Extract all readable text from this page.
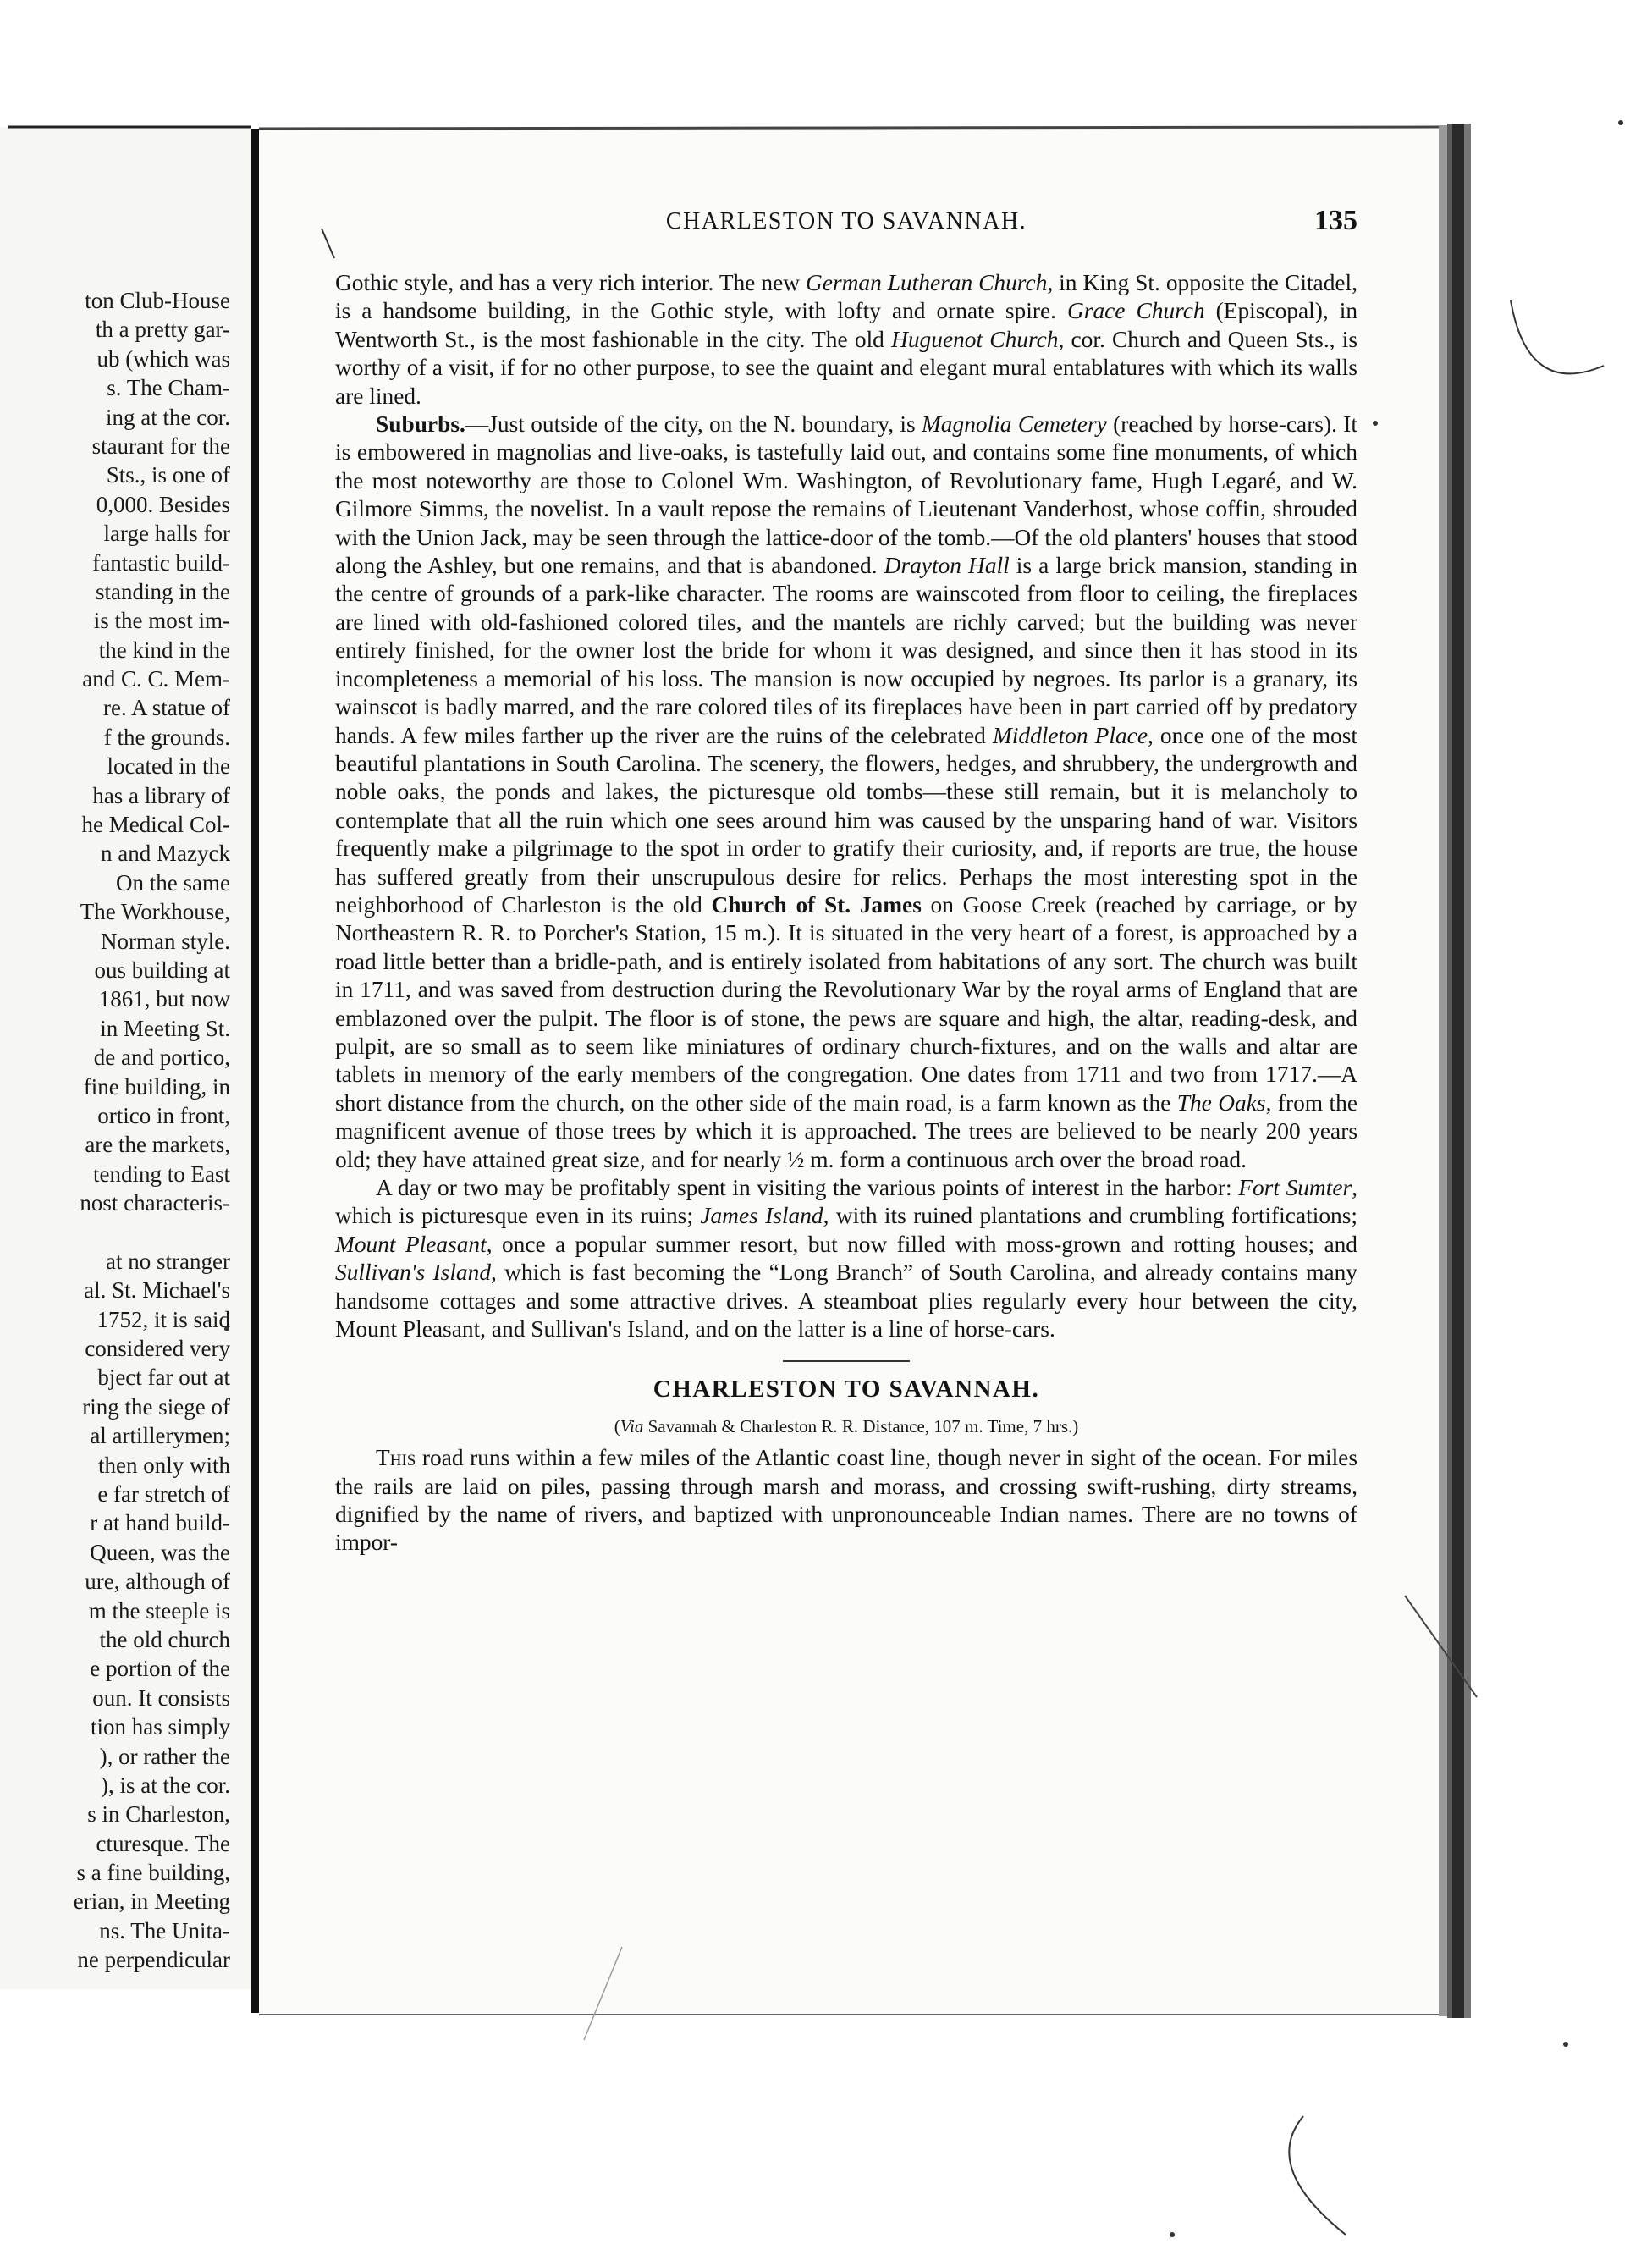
ton Club-House
th a pretty gar-
ub (which was
s. The Cham-
ing at the cor.
staurant for the
Sts., is one of
0,000. Besides
large halls for
fantastic build-
standing in the
is the most im-
the kind in the
and C. C. Mem-
re. A statue of
f the grounds.
located in the
has a library of
he Medical Col-
n and Mazyck
On the same
The Workhouse,
Norman style.
ous building at
1861, but now
in Meeting St.
de and portico,
fine building, in
ortico in front,
are the markets,
tending to East
nost characteris-
at no stranger
al. St. Michael's
1752, it is said
considered very
bject far out at
ring the siege of
al artillerymen;
then only with
e far stretch of
r at hand build-
Queen, was the
ure, although of
m the steeple is
the old church
e portion of the
oun. It consists
tion has simply
), or rather the
), is at the cor.
s in Charleston,
cturesque. The
s a fine building,
erian, in Meeting
ns. The Unita-
ne perpendicular
CHARLESTON TO SAVANNAH.	135

Gothic style, and has a very rich interior. The new German Lutheran Church, in King St. opposite the Citadel, is a handsome building, in the Gothic style, with lofty and ornate spire. Grace Church (Episcopal), in Wentworth St., is the most fashionable in the city. The old Huguenot Church, cor. Church and Queen Sts., is worthy of a visit, if for no other purpose, to see the quaint and elegant mural entablatures with which its walls are lined.

Suburbs.—Just outside of the city, on the N. boundary, is Magnolia Cemetery (reached by horse-cars). It is embowered in magnolias and live-oaks, is tastefully laid out, and contains some fine monuments, of which the most noteworthy are those to Colonel Wm. Washington, of Revolutionary fame, Hugh Legaré, and W. Gilmore Simms, the novelist. In a vault repose the remains of Lieutenant Vanderhost, whose coffin, shrouded with the Union Jack, may be seen through the lattice-door of the tomb.—Of the old planters' houses that stood along the Ashley, but one remains, and that is abandoned. Drayton Hall is a large brick mansion, standing in the centre of grounds of a park-like character. The rooms are wainscoted from floor to ceiling, the fireplaces are lined with old-fashioned colored tiles, and the mantels are richly carved; but the building was never entirely finished, for the owner lost the bride for whom it was designed, and since then it has stood in its incompleteness a memorial of his loss. The mansion is now occupied by negroes. Its parlor is a granary, its wainscot is badly marred, and the rare colored tiles of its fireplaces have been in part carried off by predatory hands. A few miles farther up the river are the ruins of the celebrated Middleton Place, once one of the most beautiful plantations in South Carolina. The scenery, the flowers, hedges, and shrubbery, the undergrowth and noble oaks, the ponds and lakes, the picturesque old tombs—these still remain, but it is melancholy to contemplate that all the ruin which one sees around him was caused by the unsparing hand of war. Visitors frequently make a pilgrimage to the spot in order to gratify their curiosity, and, if reports are true, the house has suffered greatly from their unscrupulous desire for relics. Perhaps the most interesting spot in the neighborhood of Charleston is the old Church of St. James on Goose Creek (reached by carriage, or by Northeastern R. R. to Porcher's Station, 15 m.). It is situated in the very heart of a forest, is approached by a road little better than a bridle-path, and is entirely isolated from habitations of any sort. The church was built in 1711, and was saved from destruction during the Revolutionary War by the royal arms of England that are emblazoned over the pulpit. The floor is of stone, the pews are square and high, the altar, reading-desk, and pulpit, are so small as to seem like miniatures of ordinary church-fixtures, and on the walls and altar are tablets in memory of the early members of the congregation. One dates from 1711 and two from 1717.—A short distance from the church, on the other side of the main road, is a farm known as the The Oaks, from the magnificent avenue of those trees by which it is approached. The trees are believed to be nearly 200 years old; they have attained great size, and for nearly ½ m. form a continuous arch over the broad road.

A day or two may be profitably spent in visiting the various points of interest in the harbor: Fort Sumter, which is picturesque even in its ruins; James Island, with its ruined plantations and crumbling fortifications; Mount Pleasant, once a popular summer resort, but now filled with moss-grown and rotting houses; and Sullivan's Island, which is fast becoming the “Long Branch” of South Carolina, and already contains many handsome cottages and some attractive drives. A steamboat plies regularly every hour between the city, Mount Pleasant, and Sullivan's Island, and on the latter is a line of horse-cars.

CHARLESTON TO SAVANNAH.
(Via Savannah & Charleston R. R. Distance, 107 m. Time, 7 hrs.)

This road runs within a few miles of the Atlantic coast line, though never in sight of the ocean. For miles the rails are laid on piles, passing through marsh and morass, and crossing swift-rushing, dirty streams, dignified by the name of rivers, and baptized with unpronounceable Indian names. There are no towns of impor-
